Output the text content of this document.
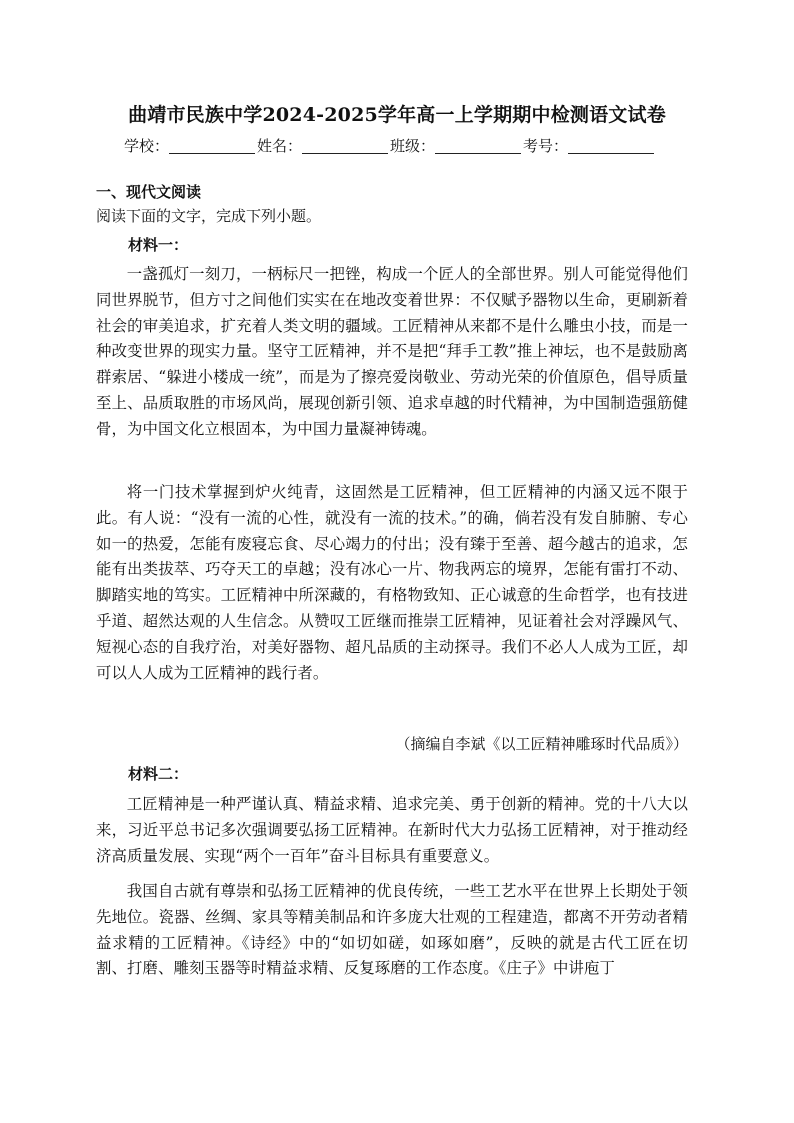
曲靖市民族中学2024-2025学年高一上学期期中检测语文试卷
学校：	姓名：	班级：	考号：
一、现代文阅读
阅读下面的文字，完成下列小题。
材料一：
一盏孤灯一刻刀，一柄标尺一把锉，构成一个匠人的全部世界。别人可能觉得他们同世界脱节，但方寸之间他们实实在在地改变着世界：不仅赋予器物以生命，更刷新着社会的审美追求，扩充着人类文明的疆域。工匠精神从来都不是什么雕虫小技，而是一种改变世界的现实力量。坚守工匠精神，并不是把“拜手工教”推上神坛，也不是鼓励离群索居、“躲进小楼成一统”，而是为了擦亮爱岗敬业、劳动光荣的价值原色，倡导质量至上、品质取胜的市场风尚，展现创新引领、追求卓越的时代精神，为中国制造强筋健骨，为中国文化立根固本，为中国力量凝神铸魂。
将一门技术掌握到炉火纯青，这固然是工匠精神，但工匠精神的内涵又远不限于此。有人说：“没有一流的心性，就没有一流的技术。”的确，倘若没有发自肺腑、专心如一的热爱，怎能有废寝忘食、尽心竭力的付出；没有臻于至善、超今越古的追求，怎能有出类拔萃、巧夺天工的卓越；没有冰心一片、物我两忘的境界，怎能有雷打不动、脚踏实地的笃实。工匠精神中所深藏的，有格物致知、正心诚意的生命哲学，也有技进乎道、超然达观的人生信念。从赞叹工匠继而推崇工匠精神，见证着社会对浮躁风气、短视心态的自我疗治，对美好器物、超凡品质的主动探寻。我们不必人人成为工匠，却可以人人成为工匠精神的践行者。
（摘编自李斌《以工匠精神雕琢时代品质》）
材料二：
工匠精神是一种严谨认真、精益求精、追求完美、勇于创新的精神。党的十八大以来，习近平总书记多次强调要弘扬工匠精神。在新时代大力弘扬工匠精神，对于推动经济高质量发展、实现“两个一百年”奋斗目标具有重要意义。
我国自古就有尊崇和弘扬工匠精神的优良传统，一些工艺水平在世界上长期处于领先地位。瓷器、丝绸、家具等精美制品和许多庞大壮观的工程建造，都离不开劳动者精益求精的工匠精神。《诗经》中的“如切如磋，如琢如磨”，反映的就是古代工匠在切割、打磨、雕刻玉器等时精益求精、反复琢磨的工作态度。《庄子》中讲庖丁
